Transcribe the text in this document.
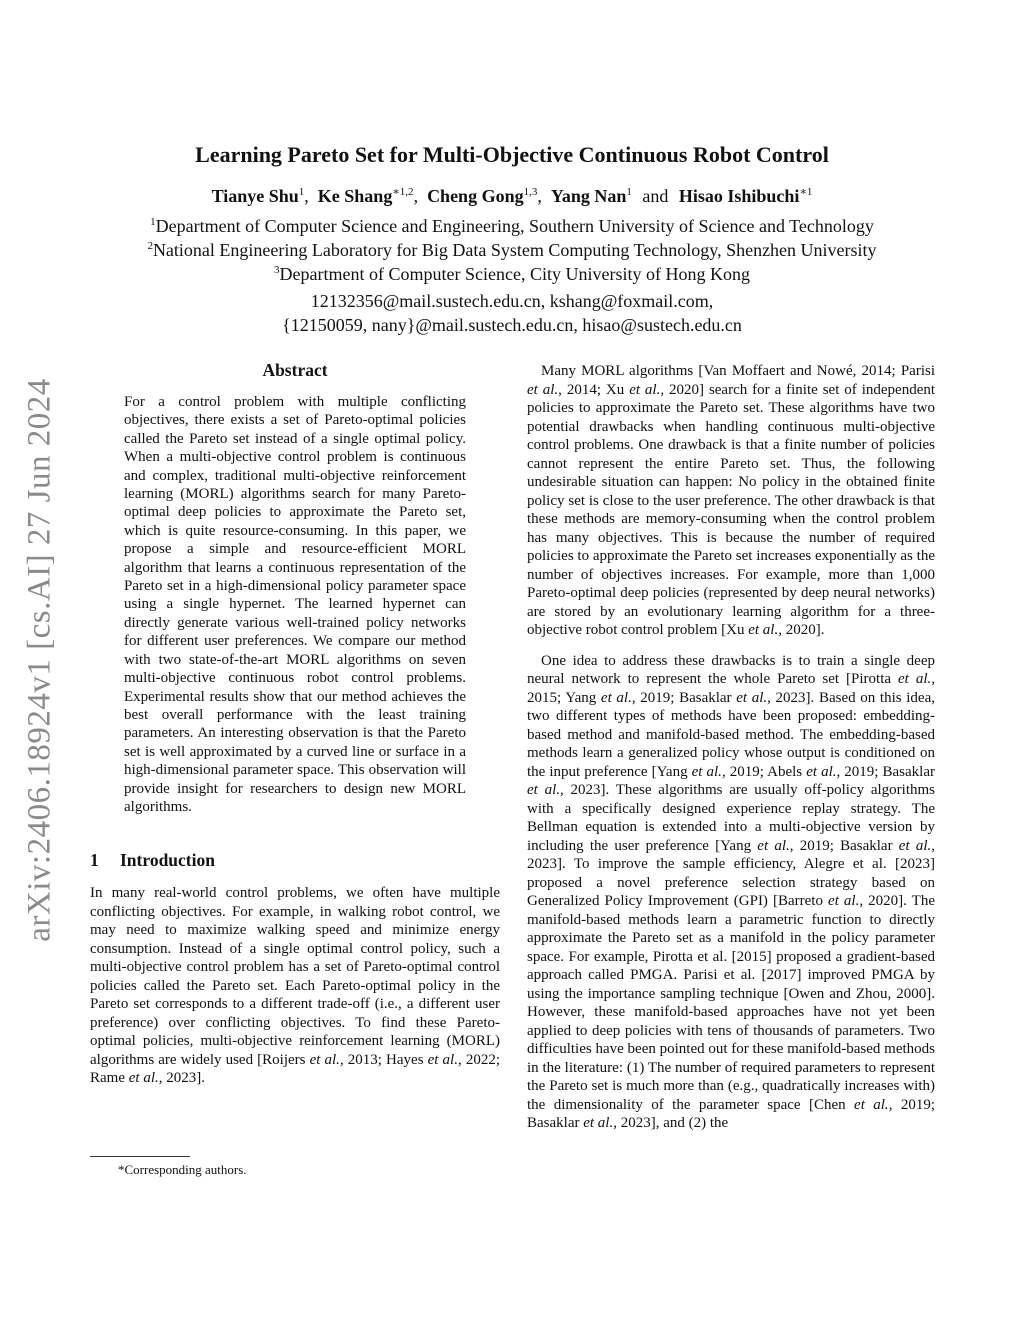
arXiv:2406.18924v1 [cs.AI] 27 Jun 2024
Learning Pareto Set for Multi-Objective Continuous Robot Control
Tianye Shu$^1$,  Ke Shang$^{∗1,2}$,  Cheng Gong$^{1,3}$,  Yang Nan$^1$ and Hisao Ishibuchi$^{∗1}$
$^1$Department of Computer Science and Engineering, Southern University of Science and Technology
$^2$National Engineering Laboratory for Big Data System Computing Technology, Shenzhen University
$^3$Department of Computer Science, City University of Hong Kong
12132356@mail.sustech.edu.cn, kshang@foxmail.com,
{12150059, nany}@mail.sustech.edu.cn, hisao@sustech.edu.cn
Abstract

For a control problem with multiple conflicting objectives, there exists a set of Pareto-optimal policies called the Pareto set instead of a single optimal policy. When a multi-objective control problem is continuous and complex, traditional multi-objective reinforcement learning (MORL) algorithms search for many Pareto-optimal deep policies to approximate the Pareto set, which is quite resource-consuming. In this paper, we propose a simple and resource-efficient MORL algorithm that learns a continuous representation of the Pareto set in a high-dimensional policy parameter space using a single hypernet. The learned hypernet can directly generate various well-trained policy networks for different user preferences. We compare our method with two state-of-the-art MORL algorithms on seven multi-objective continuous robot control problems. Experimental results show that our method achieves the best overall performance with the least training parameters. An interesting observation is that the Pareto set is well approximated by a curved line or surface in a high-dimensional parameter space. This observation will provide insight for researchers to design new MORL algorithms.

1 Introduction

In many real-world control problems, we often have multiple conflicting objectives. For example, in walking robot control, we may need to maximize walking speed and minimize energy consumption. Instead of a single optimal control policy, such a multi-objective control problem has a set of Pareto-optimal control policies called the Pareto set. Each Pareto-optimal policy in the Pareto set corresponds to a different trade-off (i.e., a different user preference) over conflicting objectives. To find these Pareto-optimal policies, multi-objective reinforcement learning (MORL) algorithms are widely used [Roijers et al., 2013; Hayes et al., 2022; Rame et al., 2023].

Many MORL algorithms [Van Moffaert and Nowé, 2014; Parisi et al., 2014; Xu et al., 2020] search for a finite set of independent policies to approximate the Pareto set. These algorithms have two potential drawbacks when handling continuous multi-objective control problems. One drawback is that a finite number of policies cannot represent the entire Pareto set. Thus, the following undesirable situation can happen: No policy in the obtained finite policy set is close to the user preference. The other drawback is that these methods are memory-consuming when the control problem has many objectives. This is because the number of required policies to approximate the Pareto set increases exponentially as the number of objectives increases. For example, more than 1,000 Pareto-optimal deep policies (represented by deep neural networks) are stored by an evolutionary learning algorithm for a three-objective robot control problem [Xu et al., 2020].

One idea to address these drawbacks is to train a single deep neural network to represent the whole Pareto set [Pirotta et al., 2015; Yang et al., 2019; Basaklar et al., 2023]. Based on this idea, two different types of methods have been proposed: embedding-based method and manifold-based method. The embedding-based methods learn a generalized policy whose output is conditioned on the input preference [Yang et al., 2019; Abels et al., 2019; Basaklar et al., 2023]. These algorithms are usually off-policy algorithms with a specifically designed experience replay strategy. The Bellman equation is extended into a multi-objective version by including the user preference [Yang et al., 2019; Basaklar et al., 2023]. To improve the sample efficiency, Alegre et al. [2023] proposed a novel preference selection strategy based on Generalized Policy Improvement (GPI) [Barreto et al., 2020]. The manifold-based methods learn a parametric function to directly approximate the Pareto set as a manifold in the policy parameter space. For example, Pirotta et al. [2015] proposed a gradient-based approach called PMGA. Parisi et al. [2017] improved PMGA by using the importance sampling technique [Owen and Zhou, 2000]. However, these manifold-based approaches have not yet been applied to deep policies with tens of thousands of parameters. Two difficulties have been pointed out for these manifold-based methods in the literature: (1) The number of required parameters to represent the Pareto set is much more than (e.g., quadratically increases with) the dimensionality of the parameter space [Chen et al., 2019; Basaklar et al., 2023], and (2) the

*Corresponding authors.
